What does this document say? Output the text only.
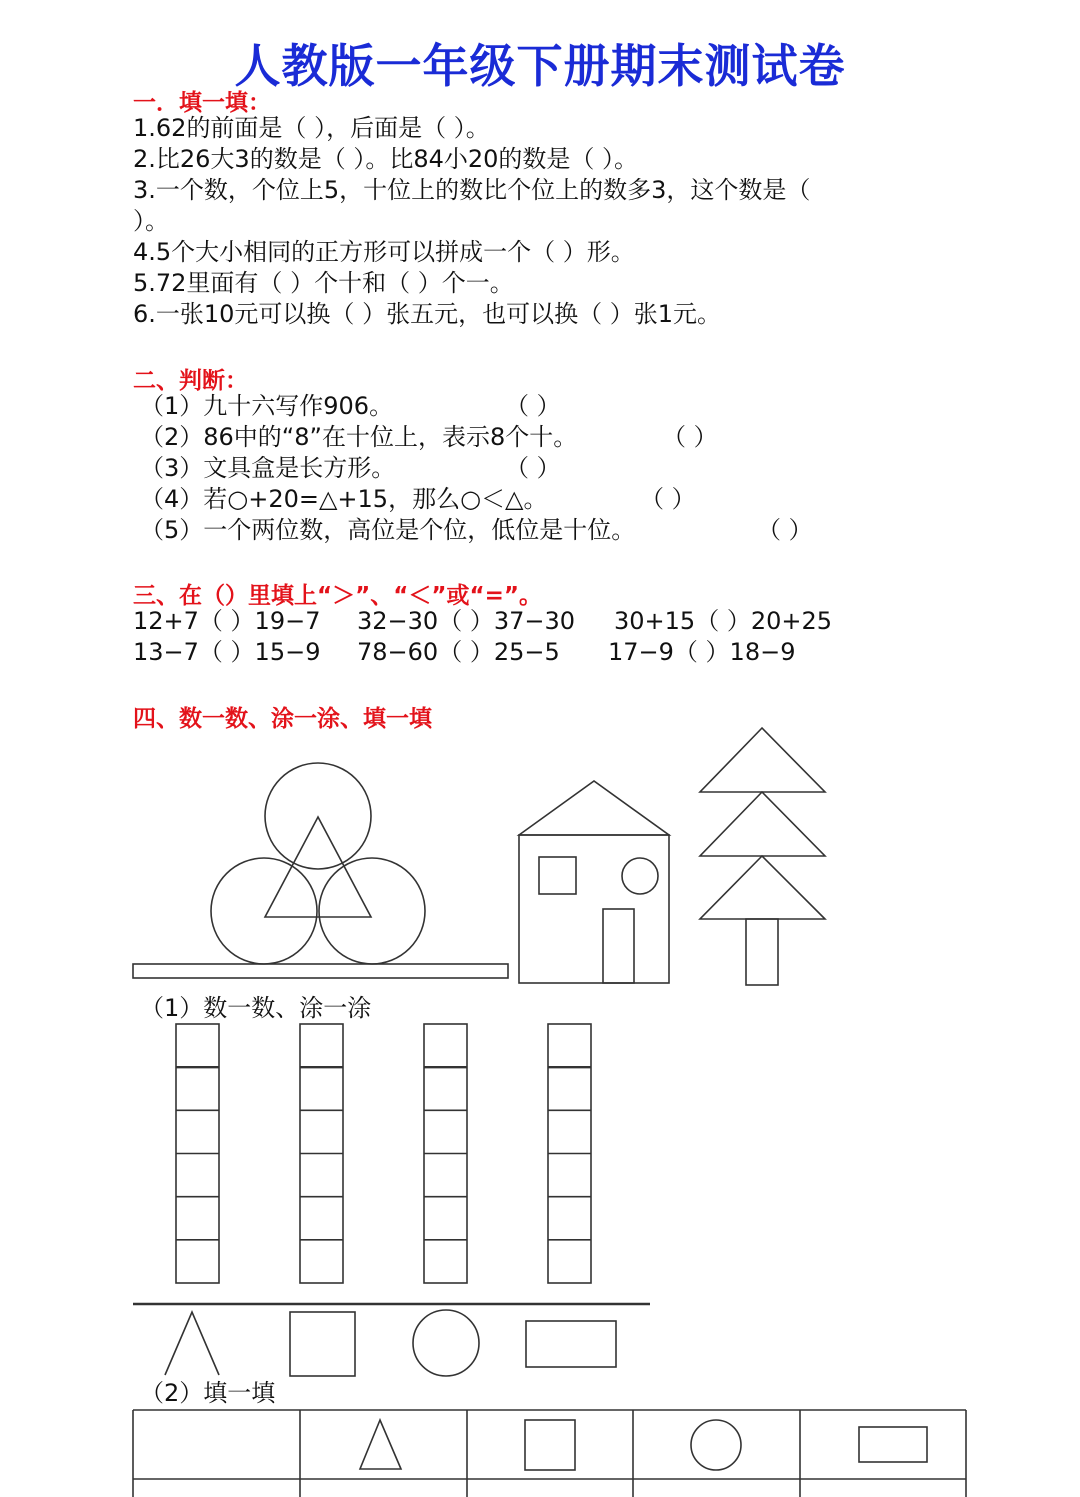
人教版一年级下册期末测试卷
一．填一填：
1.62的前面是（ ），后面是（ ）。
2.比26大3的数是（ ）。比84小20的数是（ ）。
3.一个数，个位上5，十位上的数比个位上的数多3，这个数是（
）。
4.5个大小相同的正方形可以拼成一个（ ）形。
5.72里面有（ ）个十和（ ）个一。
6.一张10元可以换（ ）张五元，也可以换（ ）张1元。
二、判断：
（1）九十六写作906。	（ ）
（2）86中的“8”在十位上，表示8个十。	（ ）
（3）文具盒是长方形。	（ ）
（4）若○+20=△+15，那么○＜△。	（ ）
（5）一个两位数，高位是个位，低位是十位。	（ ）
三、在（）里填上“＞”、“＜”或“=”。
12+7（ ）19−7 32−30（ ）37−30 30+15（ ）20+25
13−7（ ）15−9 78−60（ ）25−5 17−9（ ）18−9
四、数一数、涂一涂、填一填
（1）数一数、涂一涂
（2）填一填
